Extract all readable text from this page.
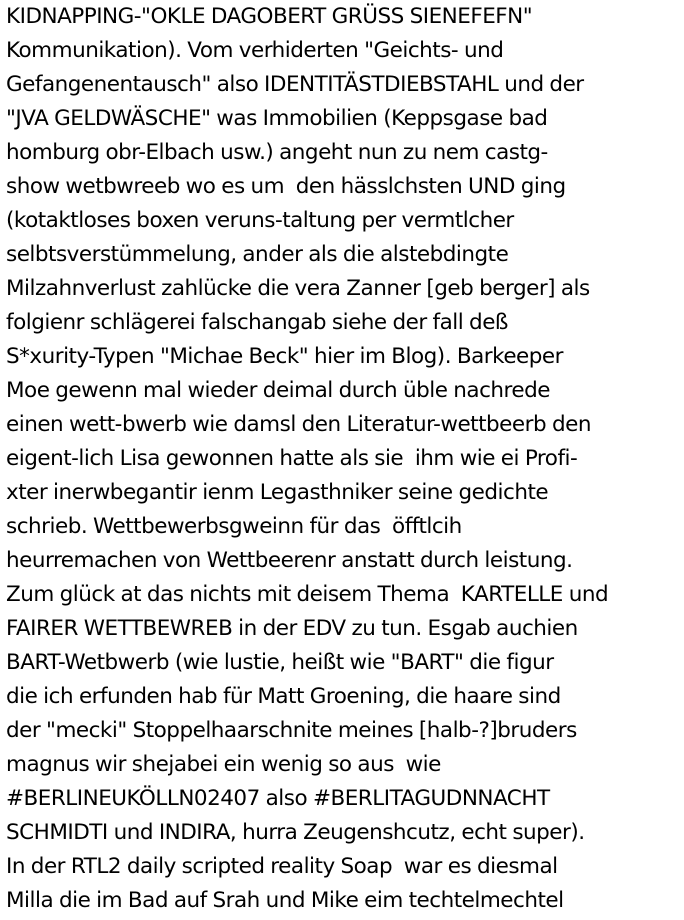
KIDNAPPING-"OKLE DAGOBERT GRÜSS SIENEFEFN"
Kommunikation). Vom verhiderten "Geichts- und
Gefangenentausch" also IDENTITÄSTDIEBSTAHL und der
"JVA GELDWÄSCHE" was Immobilien (Keppsgase bad
homburg obr-Elbach usw.) angeht nun zu nem castg-
show wetbwreeb wo es um  den hässlchsten UND ging
(kotaktloses boxen veruns-taltung per vermtlcher
selbtsverstümmelung, ander als die alstebdingte
Milzahnverlust zahlücke die vera Zanner [geb berger] als
folgienr schlägerei falschangab siehe der fall deß
S*xurity-Typen "Michae Beck" hier im Blog). Barkeeper
Moe gewenn mal wieder deimal durch üble nachrede
einen wett-bwerb wie damsl den Literatur-wettbeerb den
eigent-lich Lisa gewonnen hatte als sie  ihm wie ei Profi-
xter inerwbegantir ienm Legasthniker seine gedichte
schrieb. Wettbewerbsgweinn für das  öfftlcih
heurremachen von Wettbeerenr anstatt durch leistung.
Zum glück at das nichts mit deisem Thema  KARTELLE und
FAIRER WETTBEWREB in der EDV zu tun. Esgab auchien
BART-Wetbwerb (wie lustie, heißt wie "BART" die figur
die ich erfunden hab für Matt Groening, die haare sind
der "mecki" Stoppelhaarschnite meines [halb-?]bruders
magnus wir shejabei ein wenig so aus  wie
#BERLINEUKÖLLN02407 also #BERLITAGUDNNACHT
SCHMIDTI und INDIRA, hurra Zeugenshcutz, echt super).
In der RTL2 daily scripted reality Soap  war es diesmal
Milla die im Bad auf Srah und Mike eim techtelmechtel
